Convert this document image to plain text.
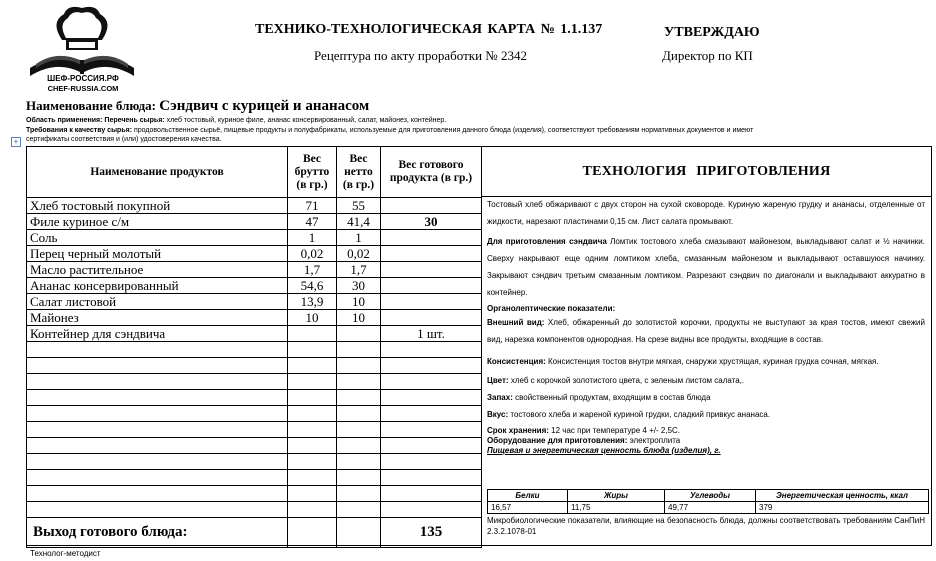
ШЕФ-РОССИЯ.РФ
CHEF-RUSSIA.COM
ТЕХНИКО-ТЕХНОЛОГИЧЕСКАЯ КАРТА № 1.1.137
Рецептура по акту проработки № 2342
УТВЕРЖДАЮ
Директор по КП
Наименование блюда: Сэндвич с курицей и ананасом
Область применения: Перечень сырья: хлеб тостовый, куриное филе, ананас консервированный, салат, майонез, контейнер.
Требования к качеству сырья: продовольственное сырьё, пищевые продукты и полуфабрикаты, используемые для приготовления данного блюда (изделия), соответствуют требованиям нормативных документов и имеют
сертификаты соответствия и (или) удостоверения качества.
+
Наименование продуктов	Вес брутто (в гр.)	Вес нетто (в гр.)	Вес готового продукта (в гр.)
Хлеб тостовый покупной	71	55	
Филе куриное с/м	47	41,4	30
Соль	1	1	
Перец черный молотый	0,02	0,02	
Масло растительное	1,7	1,7	
Ананас консервированный	54,6	30	
Салат листовой	13,9	10	
Майонез	10	10	
Контейнер для сэндвича			1 шт.

Выход готового блюда:			135
ТЕХНОЛОГИЯ ПРИГОТОВЛЕНИЯ

Тостовый хлеб обжаривают с двух сторон на сухой сковороде. Куриную жареную грудку и ананасы, отделенные от жидкости, нарезают пластинами 0,15 см. Лист салата промывают.

Для приготовления сэндвича Ломтик тостового хлеба смазывают майонезом, выкладывают салат и ½ начинки. Сверху накрывают еще одним ломтиком хлеба, смазанным майонезом и выкладывают оставшуюся начинку. Закрывают сэндвич третьим смазанным ломтиком. Разрезают сэндвич по диагонали и выкладывают аккуратно в контейнер.

Органолептические показатели:

Внешний вид: Хлеб, обжаренный до золотистой корочки, продукты не выступают за края тостов, имеют свежий вид, нарезка компонентов однородная. На срезе видны все продукты, входящие в состав.

Консистенция: Консистенция тостов внутри мягкая, снаружи хрустящая, куриная грудка сочная, мягкая.

Цвет: хлеб с корочкой золотистого цвета, с зеленым листом салата,.

Запах: свойственный продуктам, входящим в состав блюда

Вкус: тостового хлеба и жареной куриной грудки, сладкий привкус ананаса.

Срок хранения: 12 час при температуре 4 +/- 2,5С.

Оборудование для приготовления: электроплита

Пищевая и энергетическая ценность блюда (изделия), г.

Белки	Жиры	Углеводы	Энергетическая ценность, ккал
16,57	11,75	49,77	379
Микробиологические показатели, влияющие на безопасность блюда, должны соответствовать требованиям СанПиН 2.3.2.1078-01
Технолог-методист
